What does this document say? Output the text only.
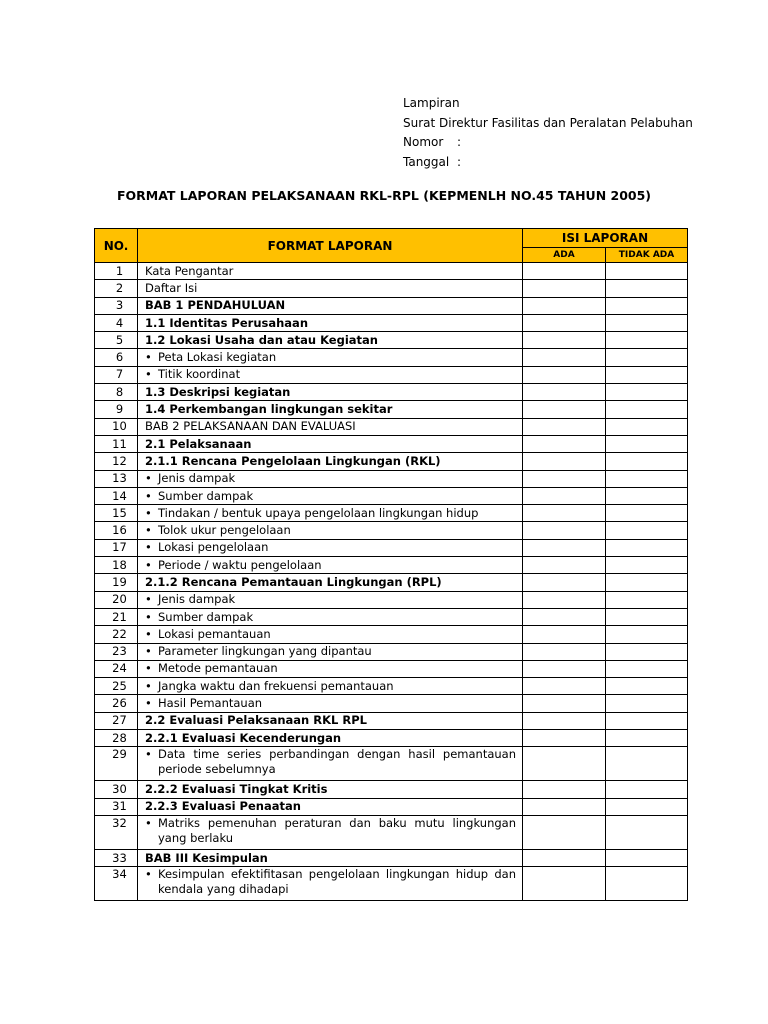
Lampiran
Surat Direktur Fasilitas dan Peralatan Pelabuhan
Nomor :
Tanggal :
FORMAT LAPORAN PELAKSANAAN RKL-RPL (KEPMENLH NO.45 TAHUN 2005)
NO.	FORMAT LAPORAN	ISI LAPORAN	
		ADA	TIDAK ADA
1	Kata Pengantar		
2	Daftar Isi		
3	BAB 1 PENDAHULUAN		
4	1.1 Identitas Perusahaan		
5	1.2 Lokasi Usaha dan atau Kegiatan		
6	• Peta Lokasi kegiatan		

7	• Titik koordinat		

8	1.3 Deskripsi kegiatan		
9	1.4 Perkembangan lingkungan sekitar		
10	BAB 2 PELAKSANAAN DAN EVALUASI		
11	2.1 Pelaksanaan		
12	2.1.1 Rencana Pengelolaan Lingkungan (RKL)		
13	• Jenis dampak		

14	• Sumber dampak		

15	• Tindakan / bentuk upaya pengelolaan lingkungan hidup		

16	• Tolok ukur pengelolaan		

17	• Lokasi pengelolaan		

18	• Periode / waktu pengelolaan		

19	2.1.2 Rencana Pemantauan Lingkungan (RPL)		
20	• Jenis dampak		

21	• Sumber dampak		

22	• Lokasi pemantauan		

23	• Parameter lingkungan yang dipantau		

24	• Metode pemantauan		

25	• Jangka waktu dan frekuensi pemantauan		

26	• Hasil Pemantauan		

27	2.2 Evaluasi Pelaksanaan RKL RPL		
28	2.2.1 Evaluasi Kecenderungan		
29	• Data time series perbandingan dengan hasil pemantauan periode sebelumnya		

30	2.2.2 Evaluasi Tingkat Kritis		
31	2.2.3 Evaluasi Penaatan		
32	• Matriks pemenuhan peraturan dan baku mutu lingkungan yang berlaku		

33	BAB III Kesimpulan		
34	• Kesimpulan efektifitasan pengelolaan lingkungan hidup dan kendala yang dihadapi		
